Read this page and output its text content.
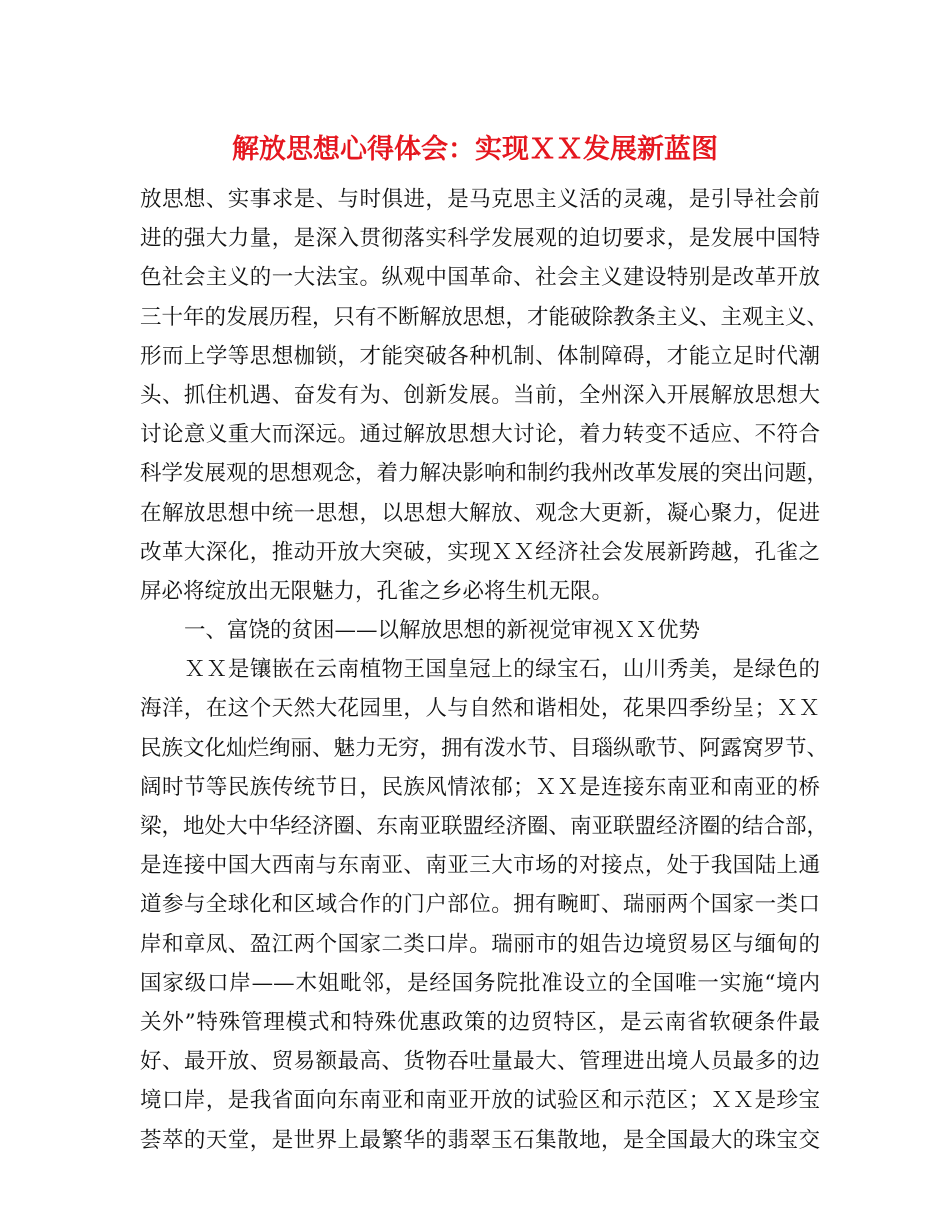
解放思想心得体会：实现ＸＸ发展新蓝图
放思想、实事求是、与时俱进，是马克思主义活的灵魂，是引导社会前
进的强大力量，是深入贯彻落实科学发展观的迫切要求，是发展中国特
色社会主义的一大法宝。纵观中国革命、社会主义建设特别是改革开放
三十年的发展历程，只有不断解放思想，才能破除教条主义、主观主义、
形而上学等思想枷锁，才能突破各种机制、体制障碍，才能立足时代潮
头、抓住机遇、奋发有为、创新发展。当前，全州深入开展解放思想大
讨论意义重大而深远。通过解放思想大讨论，着力转变不适应、不符合
科学发展观的思想观念，着力解决影响和制约我州改革发展的突出问题，
在解放思想中统一思想，以思想大解放、观念大更新，凝心聚力，促进
改革大深化，推动开放大突破，实现ＸＸ经济社会发展新跨越，孔雀之
屏必将绽放出无限魅力，孔雀之乡必将生机无限。
一、富饶的贫困——以解放思想的新视觉审视ＸＸ优势
ＸＸ是镶嵌在云南植物王国皇冠上的绿宝石，山川秀美，是绿色的
海洋，在这个天然大花园里，人与自然和谐相处，花果四季纷呈；ＸＸ
民族文化灿烂绚丽、魅力无穷，拥有泼水节、目瑙纵歌节、阿露窝罗节、
阔时节等民族传统节日，民族风情浓郁；ＸＸ是连接东南亚和南亚的桥
梁，地处大中华经济圈、东南亚联盟经济圈、南亚联盟经济圈的结合部，
是连接中国大西南与东南亚、南亚三大市场的对接点，处于我国陆上通
道参与全球化和区域合作的门户部位。拥有畹町、瑞丽两个国家一类口
岸和章凤、盈江两个国家二类口岸。瑞丽市的姐告边境贸易区与缅甸的
国家级口岸——木姐毗邻，是经国务院批准设立的全国唯一实施“境内
关外”特殊管理模式和特殊优惠政策的边贸特区，是云南省软硬条件最
好、最开放、贸易额最高、货物吞吐量最大、管理进出境人员最多的边
境口岸，是我省面向东南亚和南亚开放的试验区和示范区；ＸＸ是珍宝
荟萃的天堂，是世界上最繁华的翡翠玉石集散地，是全国最大的珠宝交
